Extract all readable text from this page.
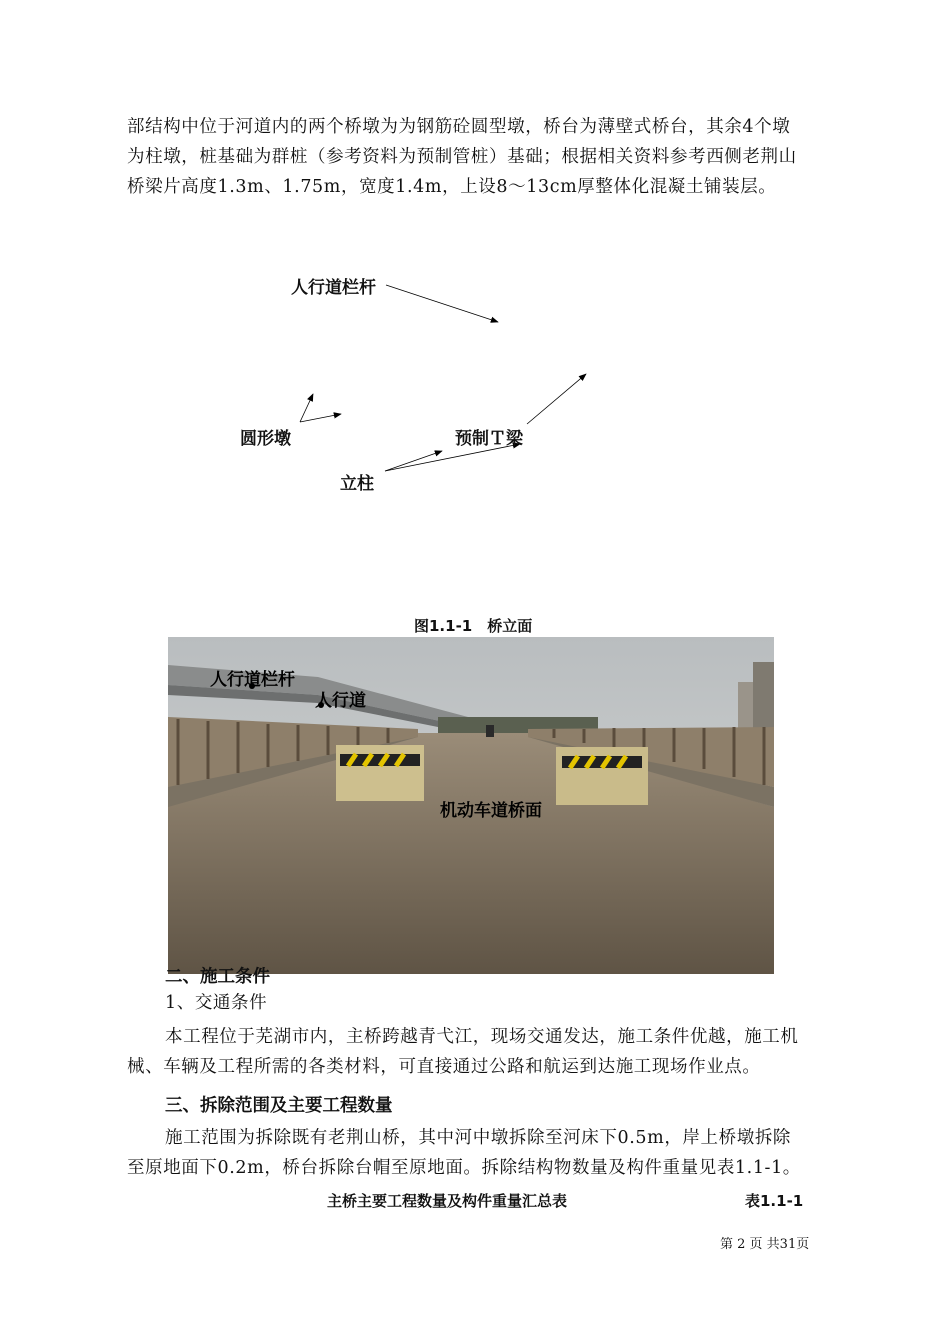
部结构中位于河道内的两个桥墩为为钢筋砼圆型墩，桥台为薄壁式桥台，其余4个墩
为柱墩，桩基础为群桩（参考资料为预制管桩）基础；根据相关资料参考西侧老荆山
桥梁片高度1.3m、1.75m，宽度1.4m，上设8～13cm厚整体化混凝土铺装层。
人行道栏杆
圆形墩	预制Ｔ梁
立柱
图1.1-1 桥立面
人行道栏杆
人行道
机动车道桥面
二、施工条件
1、交通条件
本工程位于芜湖市内，主桥跨越青弋江，现场交通发达，施工条件优越，施工机
械、车辆及工程所需的各类材料，可直接通过公路和航运到达施工现场作业点。
三、拆除范围及主要工程数量
施工范围为拆除既有老荆山桥，其中河中墩拆除至河床下0.5m，岸上桥墩拆除
至原地面下0.2m，桥台拆除台帽至原地面。拆除结构物数量及构件重量见表1.1-1。
主桥主要工程数量及构件重量汇总表	表1.1-1
第 2 页 共31页
